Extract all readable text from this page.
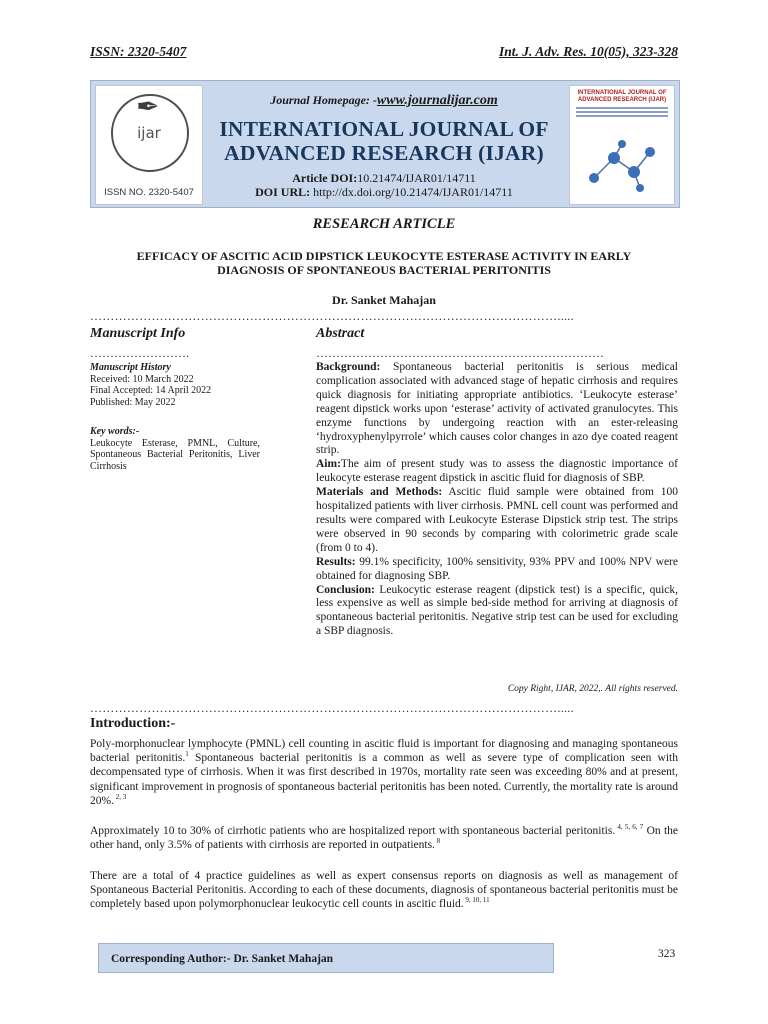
ISSN: 2320-5407	Int. J. Adv. Res. 10(05), 323-328
✒
ijar
ISSN NO. 2320-5407
Journal Homepage: -www.journalijar.com
INTERNATIONAL JOURNAL OF
ADVANCED RESEARCH (IJAR)
Article DOI:10.21474/IJAR01/14711
DOI URL: http://dx.doi.org/10.21474/IJAR01/14711
INTERNATIONAL JOURNAL OF ADVANCED RESEARCH (IJAR)
RESEARCH ARTICLE
EFFICACY OF ASCITIC ACID DIPSTICK LEUKOCYTE ESTERASE ACTIVITY IN EARLY
DIAGNOSIS OF SPONTANEOUS BACTERIAL PERITONITIS
Dr. Sanket Mahajan
…………………………………………………………………………………………………….....
Manuscript Info	Abstract
…………………….	………………………………………………………………
Manuscript History
Received: 10 March 2022
Final Accepted: 14 April 2022
Published: May 2022
Key words:-
Leukocyte Esterase, PMNL, Culture, Spontaneous Bacterial Peritonitis, Liver Cirrhosis

Background: Spontaneous bacterial peritonitis is serious medical complication associated with advanced stage of hepatic cirrhosis and requires quick diagnosis for initiating appropriate antibiotics. ‘Leukocyte esterase’ reagent dipstick works upon ‘esterase’ activity of activated granulocytes. This enzyme functions by undergoing reaction with an ester-releasing ‘hydroxyphenylpyrrole’ which causes color changes in azo dye coated reagent strip.

Aim:The aim of present study was to assess the diagnostic importance of leukocyte esterase reagent dipstick in ascitic fluid for diagnosis of SBP.

Materials and Methods: Ascitic fluid sample were obtained from 100 hospitalized patients with liver cirrhosis. PMNL cell count was performed and results were compared with Leukocyte Esterase Dipstick strip test. The strips were observed in 90 seconds by comparing with colorimetric grade scale (from 0 to 4).

Results: 99.1% specificity, 100% sensitivity, 93% PPV and 100% NPV were obtained for diagnosing SBP.

Conclusion: Leukocytic esterase reagent (dipstick test) is a specific, quick, less expensive as well as simple bed-side method for arriving at diagnosis of spontaneous bacterial peritonitis. Negative strip test can be used for excluding a SBP diagnosis.

Copy Right, IJAR, 2022,. All rights reserved.
…………………………………………………………………………………………………….....
Introduction:-

Poly-morphonuclear lymphocyte (PMNL) cell counting in ascitic fluid is important for diagnosing and managing spontaneous bacterial peritonitis.$^1$ Spontaneous bacterial peritonitis is a common as well as severe type of complication seen with decompensated type of cirrhosis. When it was first described in 1970s, mortality rate seen was exceeding 80% and at present, significant improvement in prognosis of spontaneous bacterial peritonitis has been noted. Currently, the mortality rate is around 20%. $^{2, 3}$

Approximately 10 to 30% of cirrhotic patients who are hospitalized report with spontaneous bacterial peritonitis. $^{4, 5, 6, 7}$ On the other hand, only 3.5% of patients with cirrhosis are reported in outpatients. $^8$

There are a total of 4 practice guidelines as well as expert consensus reports on diagnosis as well as management of Spontaneous Bacterial Peritonitis. According to each of these documents, diagnosis of spontaneous bacterial peritonitis must be completely based upon polymorphonuclear leukocytic cell counts in ascitic fluid. $^{9, 10, 11}$

Corresponding Author:- Dr. Sanket Mahajan	323
